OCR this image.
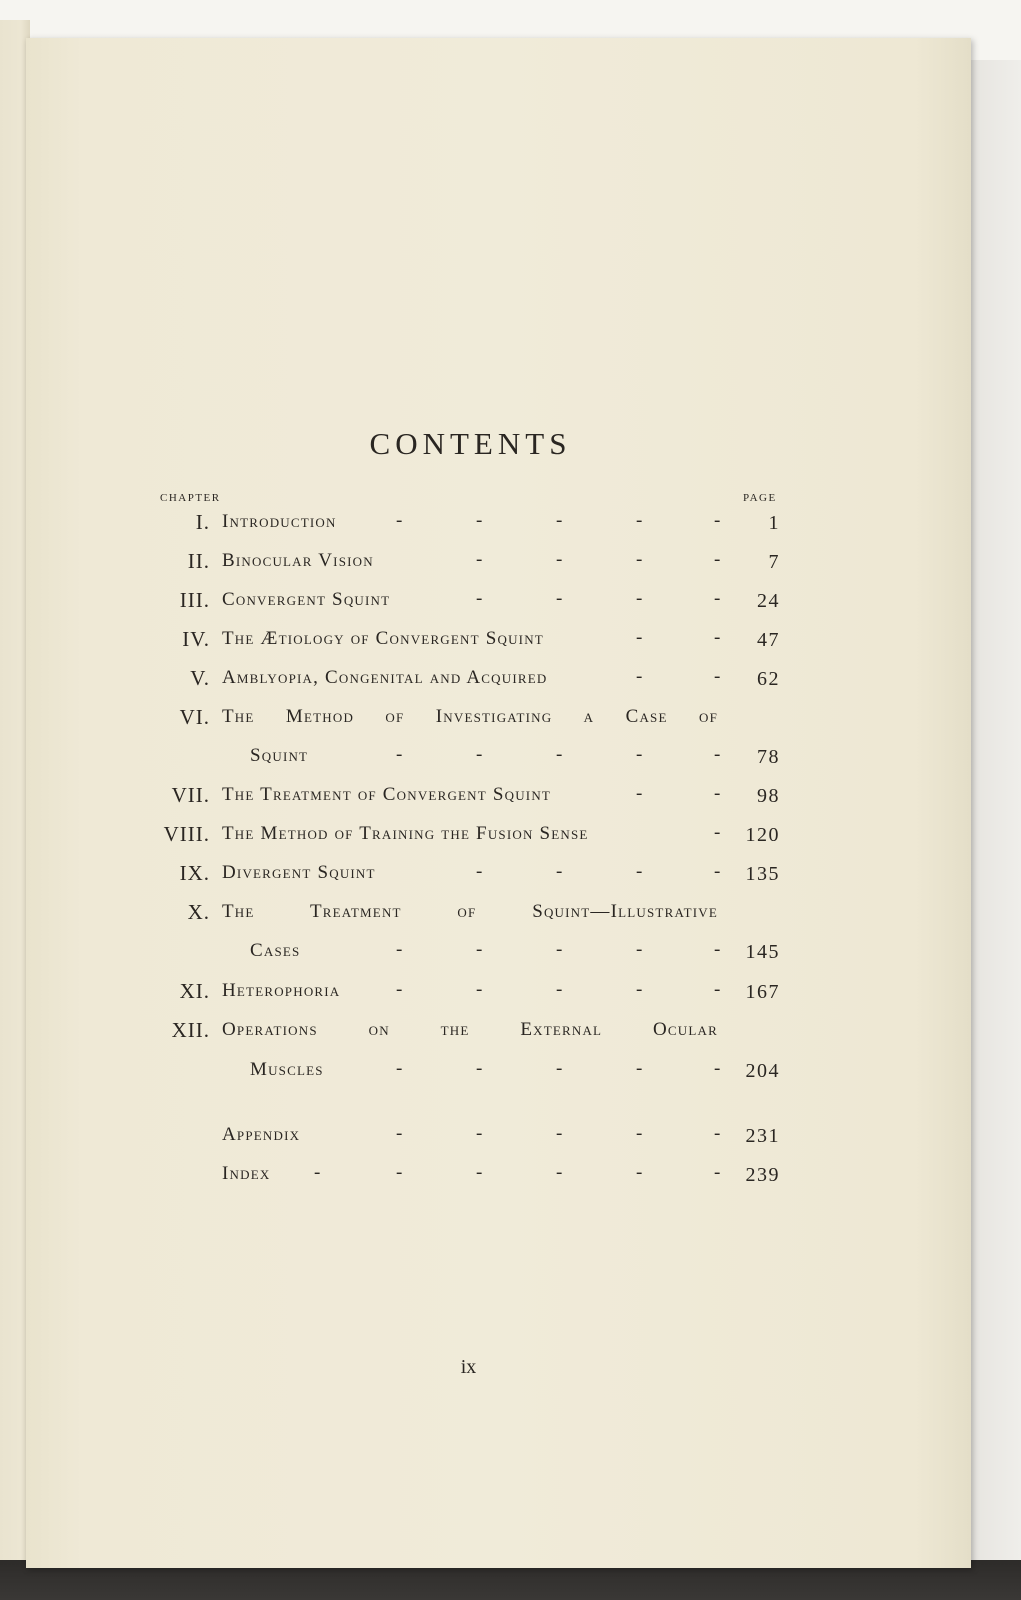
CONTENTS
CHAPTER	PAGE
I. Introduction	-	-	-	-	- 1
II. Binocular Vision	-	-	-	- 7
III. Convergent Squint	-	-	-	- 24
IV. The Ætiology of Convergent Squint	-	- 47
V. Amblyopia, Congenital and Acquired	-	- 62
VI. The Method of Investigating a Case of
Squint	-	-	-	-	- 78
VII. The Treatment of Convergent Squint	-	- 98
VIII. The Method of Training the Fusion Sense	- 120
IX. Divergent Squint	-	-	-	- 135
X. The Treatment of Squint—Illustrative
Cases	-	-	-	-	- 145
XI. Heterophoria	-	-	-	-	- 167
XII. Operations on the External Ocular
Muscles	-	-	-	-	- 204
Appendix	-	-	-	-	- 231
Index -	-	-	-	-	- 239
ix
